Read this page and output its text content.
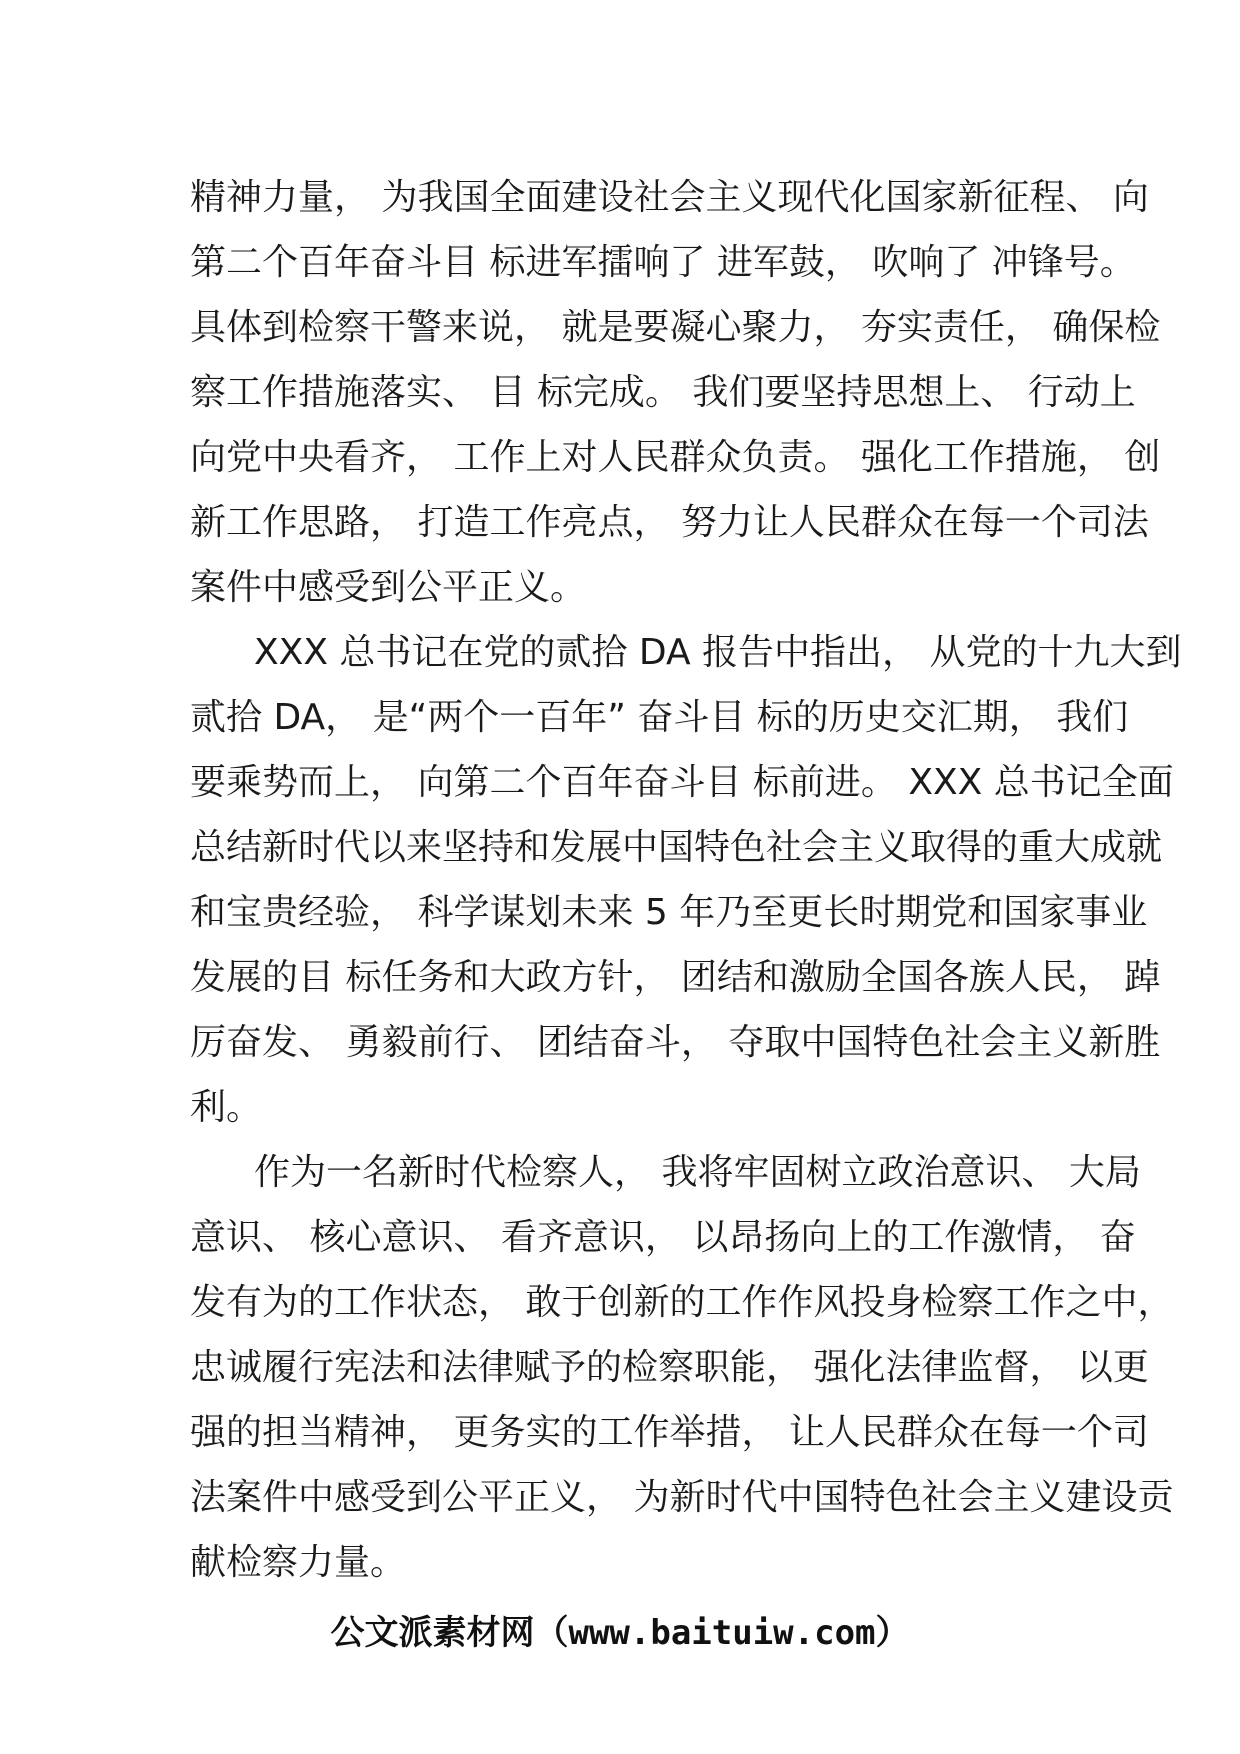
精神力量， 为我国全面建设社会主义现代化国家新征程、 向
第二个百年奋斗目 标进军擂响了 进军鼓， 吹响了 冲锋号。
具体到检察干警来说， 就是要凝心聚力， 夯实责任， 确保检
察工作措施落实、 目 标完成。 我们要坚持思想上、 行动上
向党中央看齐， 工作上对人民群众负责。 强化工作措施， 创
新工作思路， 打造工作亮点， 努力让人民群众在每一个司法
案件中感受到公平正义。
XXX 总书记在党的贰拾 DA 报告中指出， 从党的十九大到
贰拾 DA， 是“两个一百年” 奋斗目 标的历史交汇期， 我们
要乘势而上， 向第二个百年奋斗目 标前进。 XXX 总书记全面
总结新时代以来坚持和发展中国特色社会主义取得的重大成就
和宝贵经验， 科学谋划未来 5 年乃至更长时期党和国家事业
发展的目 标任务和大政方针， 团结和激励全国各族人民， 踔
厉奋发、 勇毅前行、 团结奋斗， 夺取中国特色社会主义新胜
利。
作为一名新时代检察人， 我将牢固树立政治意识、 大局
意识、 核心意识、 看齐意识， 以昂扬向上的工作激情， 奋
发有为的工作状态， 敢于创新的工作作风投身检察工作之中，
忠诚履行宪法和法律赋予的检察职能， 强化法律监督， 以更
强的担当精神， 更务实的工作举措， 让人民群众在每一个司
法案件中感受到公平正义， 为新时代中国特色社会主义建设贡
献检察力量。
公文派素材网（www.baituiw.com）
